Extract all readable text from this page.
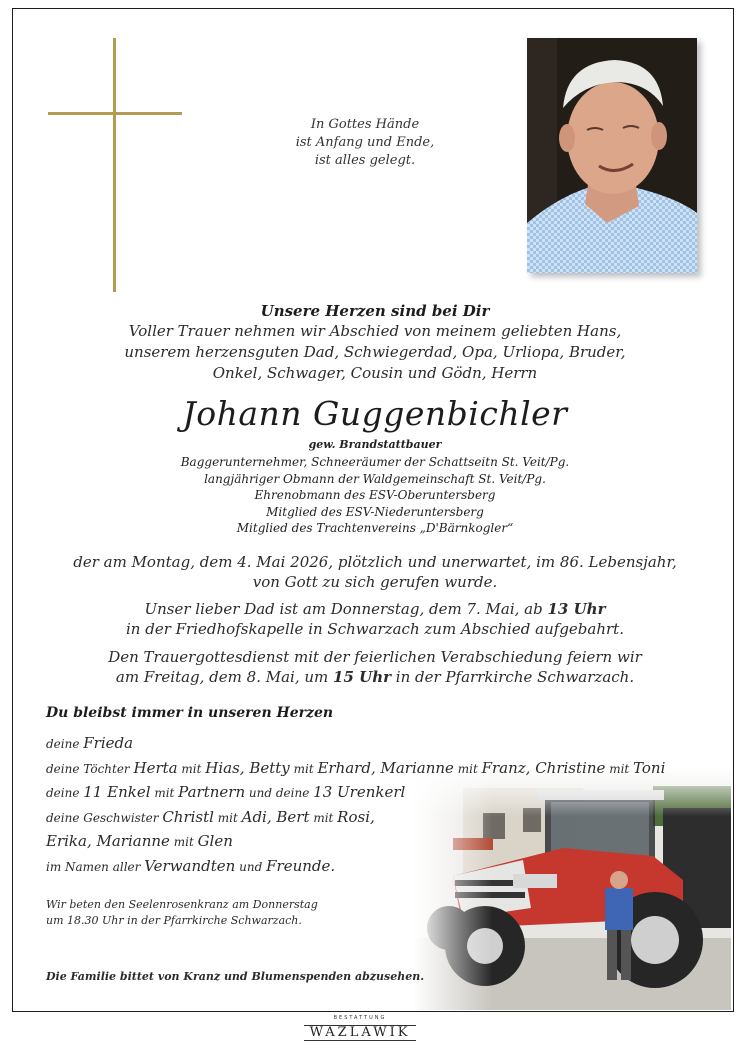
In Gottes Hände
ist Anfang und Ende,
ist alles gelegt.
Unsere Herzen sind bei Dir
Voller Trauer nehmen wir Abschied von meinem geliebten Hans,
unserem herzensguten Dad, Schwiegerdad, Opa, Urliopa, Bruder,
Onkel, Schwager, Cousin und Gödn, Herrn
Johann Guggenbichler
gew. Brandstattbauer
Baggerunternehmer, Schneeräumer der Schattseitn St. Veit/Pg.
langjähriger Obmann der Waldgemeinschaft St. Veit/Pg.
Ehrenobmann des ESV-Oberuntersberg
Mitglied des ESV-Niederuntersberg
Mitglied des Trachtenvereins „D'Bärnkogler“
der am Montag, dem 4. Mai 2026, plötzlich und unerwartet, im 86. Lebensjahr,
von Gott zu sich gerufen wurde.
Unser lieber Dad ist am Donnerstag, dem 7. Mai, ab 13 Uhr
in der Friedhofskapelle in Schwarzach zum Abschied aufgebahrt.
Den Trauergottesdienst mit der feierlichen Verabschiedung feiern wir
am Freitag, dem 8. Mai, um 15 Uhr in der Pfarrkirche Schwarzach.
Du bleibst immer in unseren Herzen
deine Frieda
deine Töchter Herta mit Hias, Betty mit Erhard, Marianne mit Franz, Christine mit Toni
deine 11 Enkel mit Partnern und deine 13 Urenkerl
deine Geschwister Christl mit Adi, Bert mit Rosi,
Erika, Marianne mit Glen
im Namen aller Verwandten und Freunde.
Wir beten den Seelenrosenkranz am Donnerstag
um 18.30 Uhr in der Pfarrkirche Schwarzach.
Die Familie bittet von Kranz und Blumenspenden abzusehen.
BESTATTUNG
WAZLAWIK
